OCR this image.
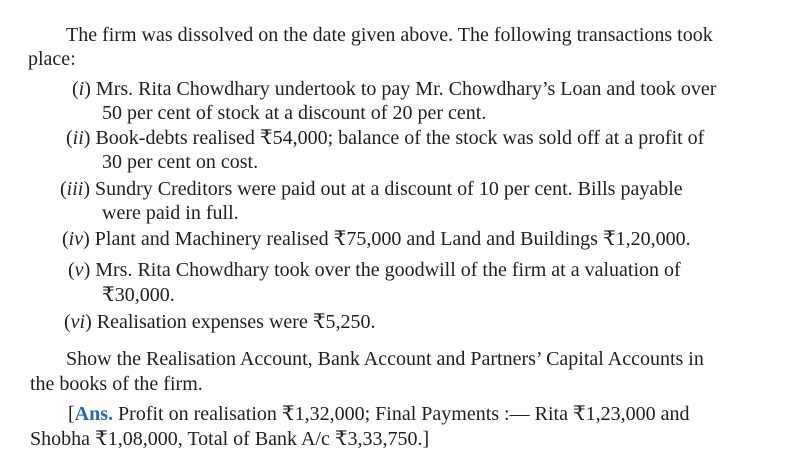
The firm was dissolved on the date given above. The following transactions took
place:
(i) Mrs. Rita Chowdhary undertook to pay Mr. Chowdhary’s Loan and took over
50 per cent of stock at a discount of 20 per cent.
(ii) Book-debts realised ₹54,000; balance of the stock was sold off at a profit of
30 per cent on cost.
(iii) Sundry Creditors were paid out at a discount of 10 per cent. Bills payable
were paid in full.
(iv) Plant and Machinery realised ₹75,000 and Land and Buildings ₹1,20,000.
(v) Mrs. Rita Chowdhary took over the goodwill of the firm at a valuation of
₹30,000.
(vi) Realisation expenses were ₹5,250.
Show the Realisation Account, Bank Account and Partners’ Capital Accounts in
the books of the firm.
[Ans. Profit on realisation ₹1,32,000; Final Payments :— Rita ₹1,23,000 and
Shobha ₹1,08,000, Total of Bank A/c ₹3,33,750.]
